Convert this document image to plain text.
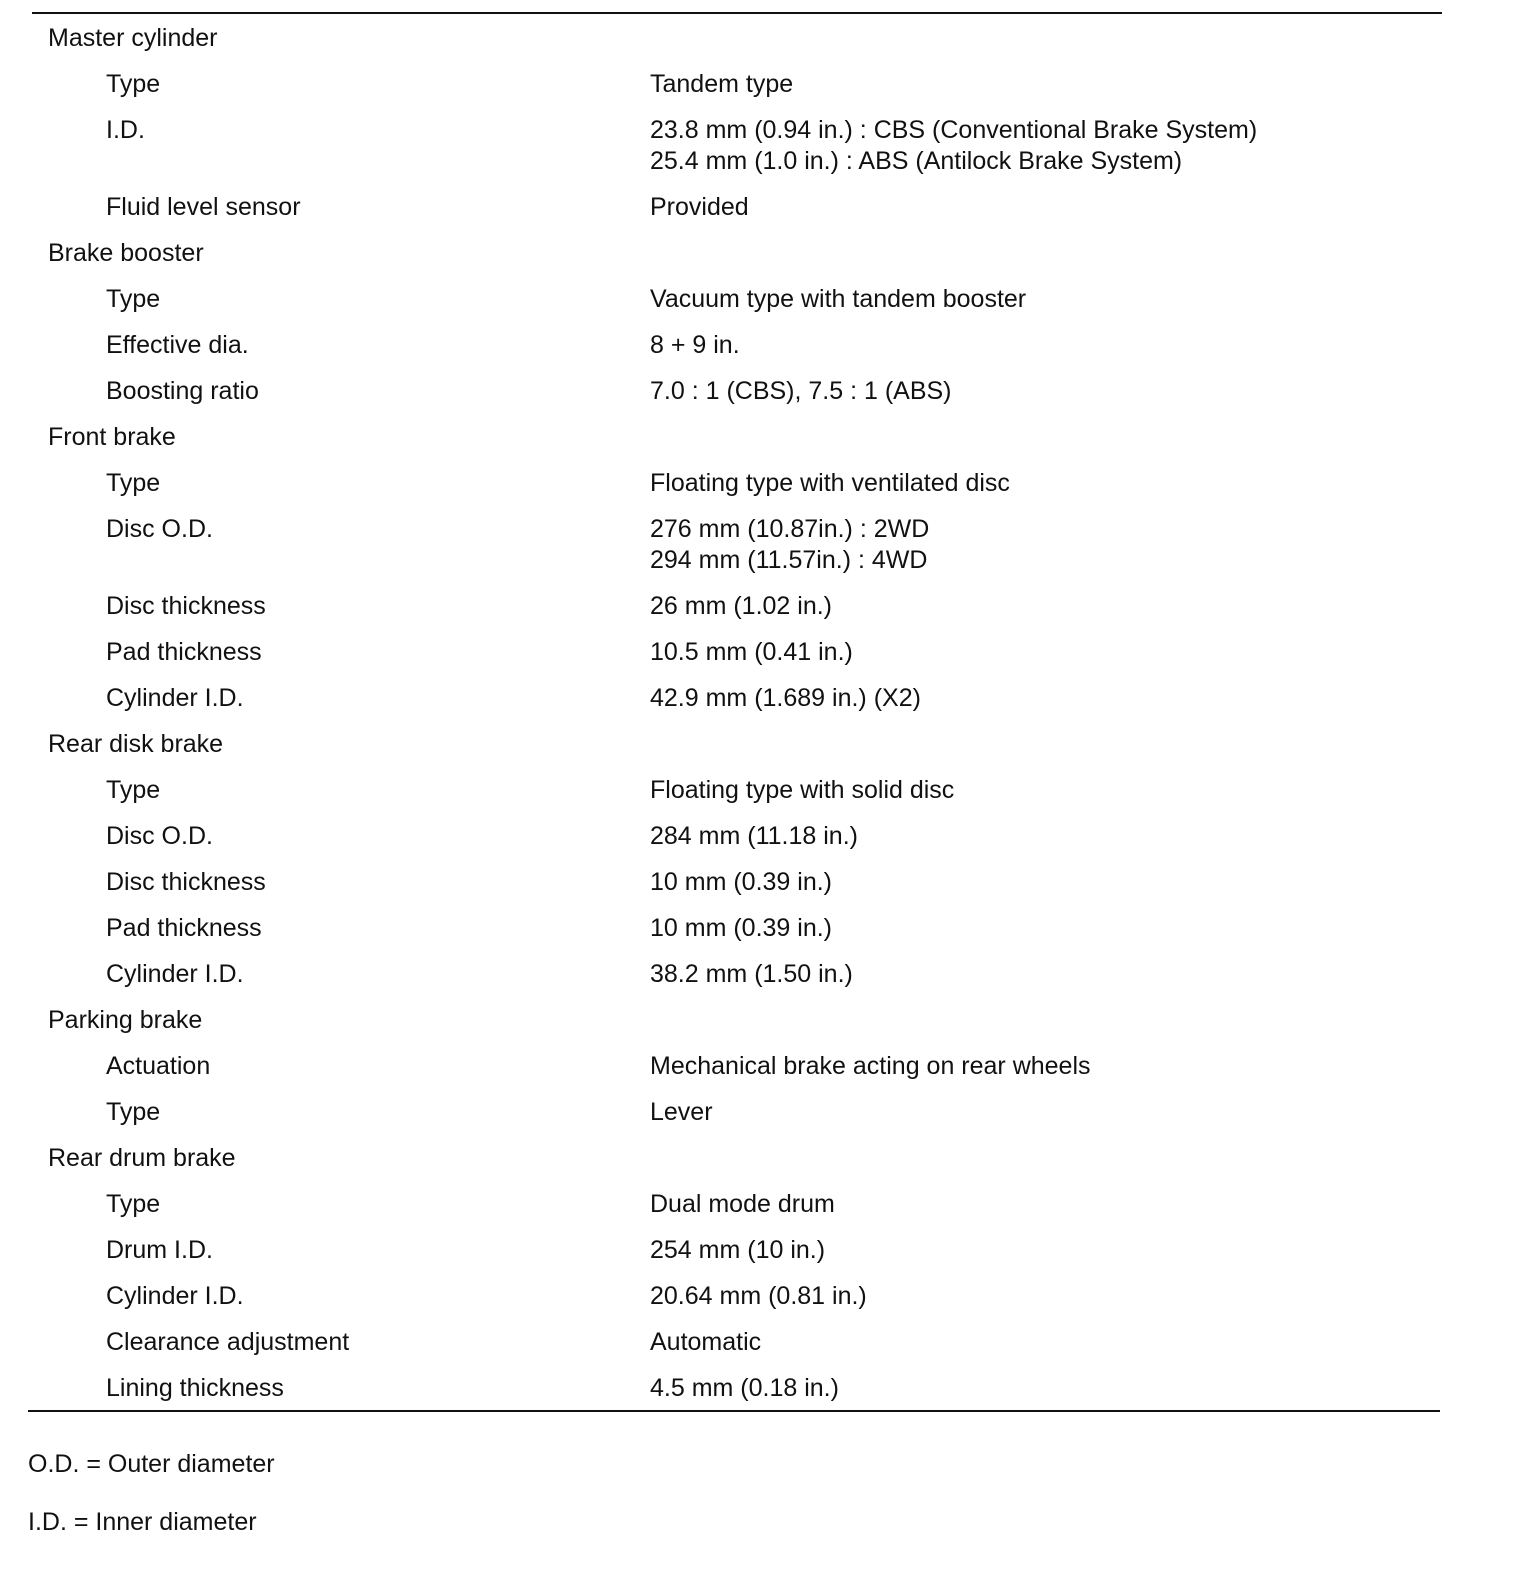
Master cylinder
Type	Tandem type
I.D.	23.8 mm (0.94 in.) : CBS (Conventional Brake System)
25.4 mm (1.0 in.) : ABS (Antilock Brake System)
Fluid level sensor	Provided
Brake booster
Type	Vacuum type with tandem booster
Effective dia.	8 + 9 in.
Boosting ratio	7.0 : 1 (CBS), 7.5 : 1 (ABS)
Front brake
Type	Floating type with ventilated disc
Disc O.D.	276 mm (10.87in.) : 2WD
294 mm (11.57in.) : 4WD
Disc thickness	26 mm (1.02 in.)
Pad thickness	10.5 mm (0.41 in.)
Cylinder I.D.	42.9 mm (1.689 in.) (X2)
Rear disk brake
Type	Floating type with solid disc
Disc O.D.	284 mm (11.18 in.)
Disc thickness	10 mm (0.39 in.)
Pad thickness	10 mm (0.39 in.)
Cylinder I.D.	38.2 mm (1.50 in.)
Parking brake
Actuation	Mechanical brake acting on rear wheels
Type	Lever
Rear drum brake
Type	Dual mode drum
Drum I.D.	254 mm (10 in.)
Cylinder I.D.	20.64 mm (0.81 in.)
Clearance adjustment	Automatic
Lining thickness	4.5 mm (0.18 in.)
O.D. = Outer diameter
I.D. = Inner diameter
